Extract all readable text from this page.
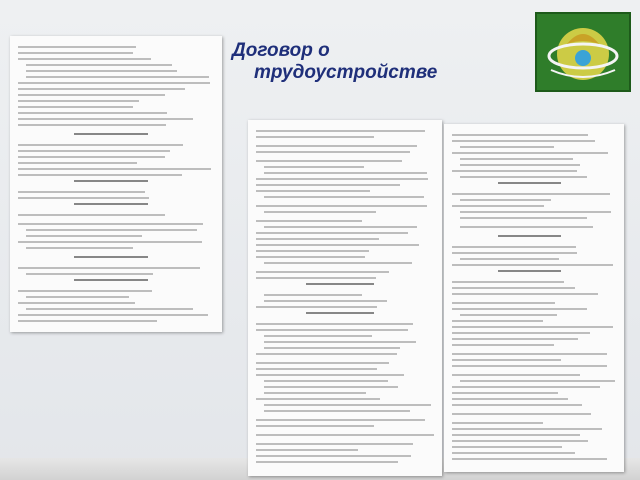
Договор о
трудоустройстве
